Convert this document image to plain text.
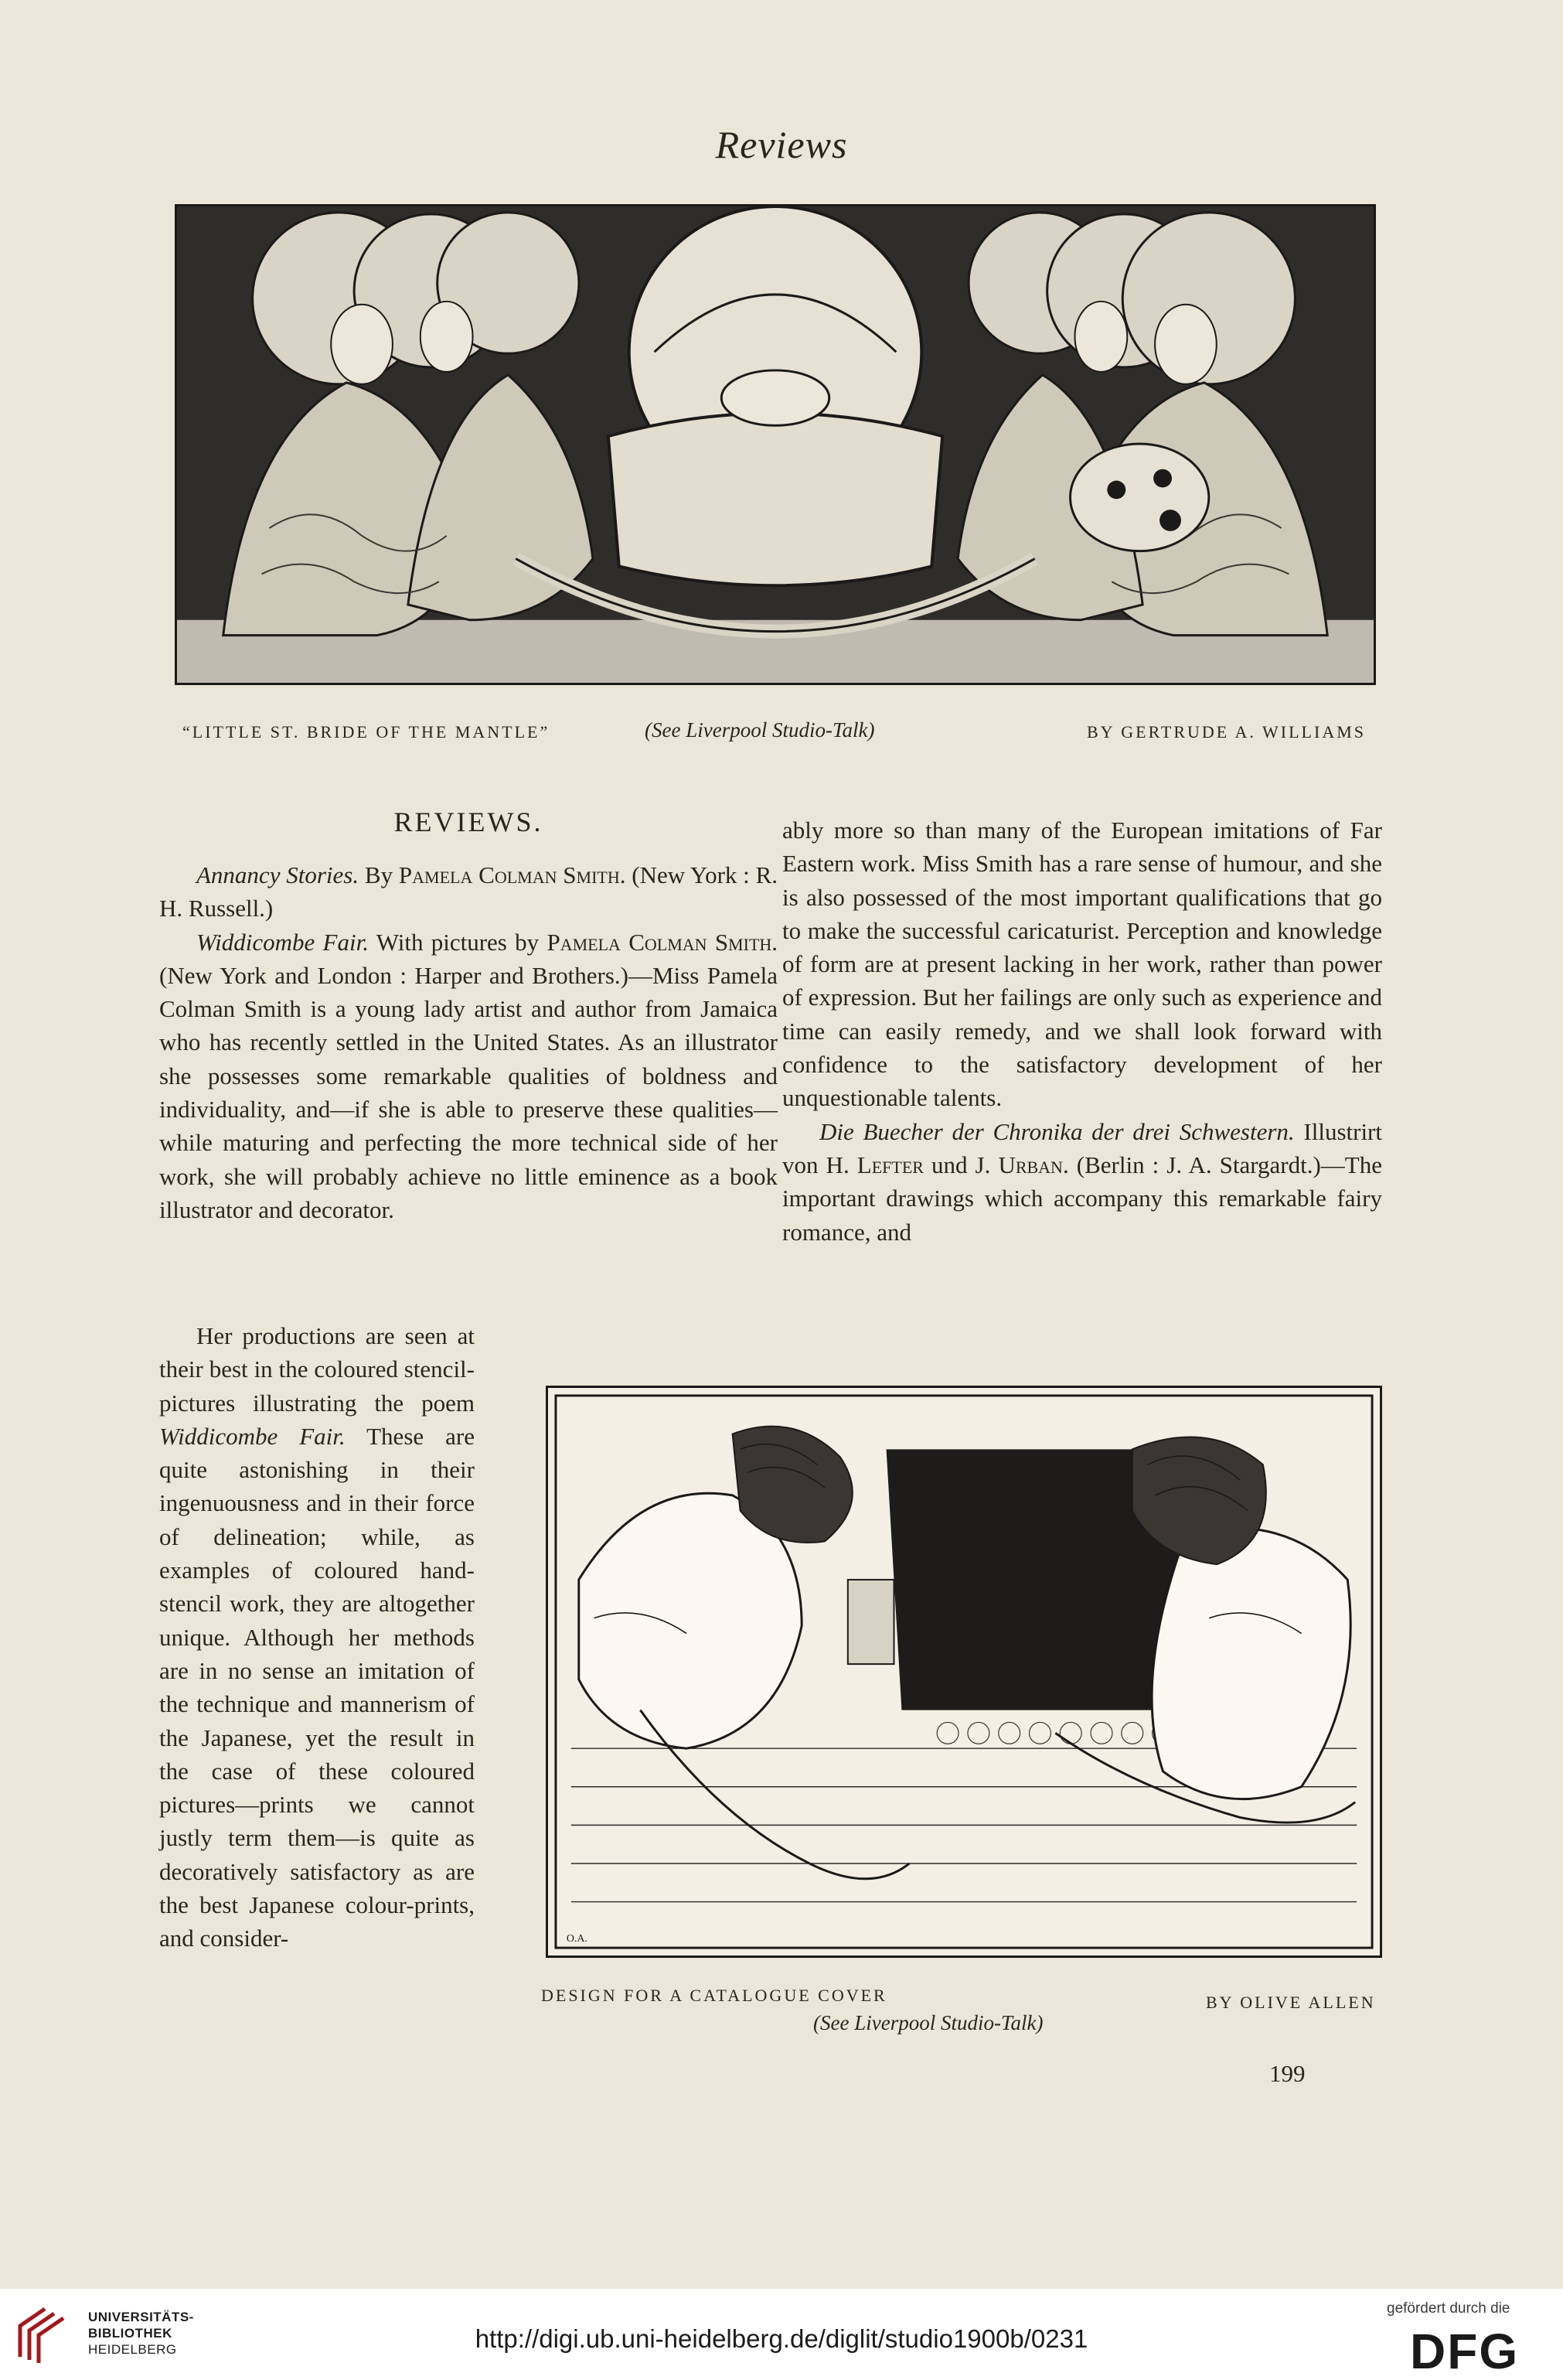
Reviews
“LITTLE ST. BRIDE OF THE MANTLE”	(See Liverpool Studio-Talk)	BY GERTRUDE A. WILLIAMS
REVIEWS.

Annancy Stories. By Pamela Colman Smith. (New York : R. H. Russell.)

Widdicombe Fair. With pictures by Pamela Colman Smith. (New York and London : Harper and Brothers.)—Miss Pamela Colman Smith is a young lady artist and author from Jamaica who has recently settled in the United States. As an illustrator she possesses some remarkable qualities of boldness and individuality, and—if she is able to preserve these qualities—while maturing and perfecting the more technical side of her work, she will probably achieve no little eminence as a book illustrator and decorator.

Her productions are seen at their best in the coloured stencil-pictures illustrating the poem Widdicombe Fair. These are quite astonishing in their ingenuousness and in their force of delineation; while, as examples of coloured hand-stencil work, they are altogether unique. Although her methods are in no sense an imitation of the technique and mannerism of the Japanese, yet the result in the case of these coloured pictures—prints we cannot justly term them—is quite as decoratively satisfactory as are the best Japanese colour-prints, and consider-

ably more so than many of the European imitations of Far Eastern work. Miss Smith has a rare sense of humour, and she is also possessed of the most important qualifications that go to make the successful caricaturist. Perception and knowledge of form are at present lacking in her work, rather than power of expression. But her failings are only such as experience and time can easily remedy, and we shall look forward with confidence to the satisfactory development of her unquestionable talents.

Die Buecher der Chronika der drei Schwestern. Illustrirt von H. Lefter und J. Urban. (Berlin : J. A. Stargardt.)—The important drawings which accompany this remarkable fairy romance, and

O.A.
DESIGN FOR A CATALOGUE COVER	BY OLIVE ALLEN
(See Liverpool Studio-Talk)
199
UNIVERSITÄTS-
BIBLIOTHEK
HEIDELBERG	http://digi.ub.uni-heidelberg.de/diglit/studio1900b/0231
gefördert durch die
DFG
